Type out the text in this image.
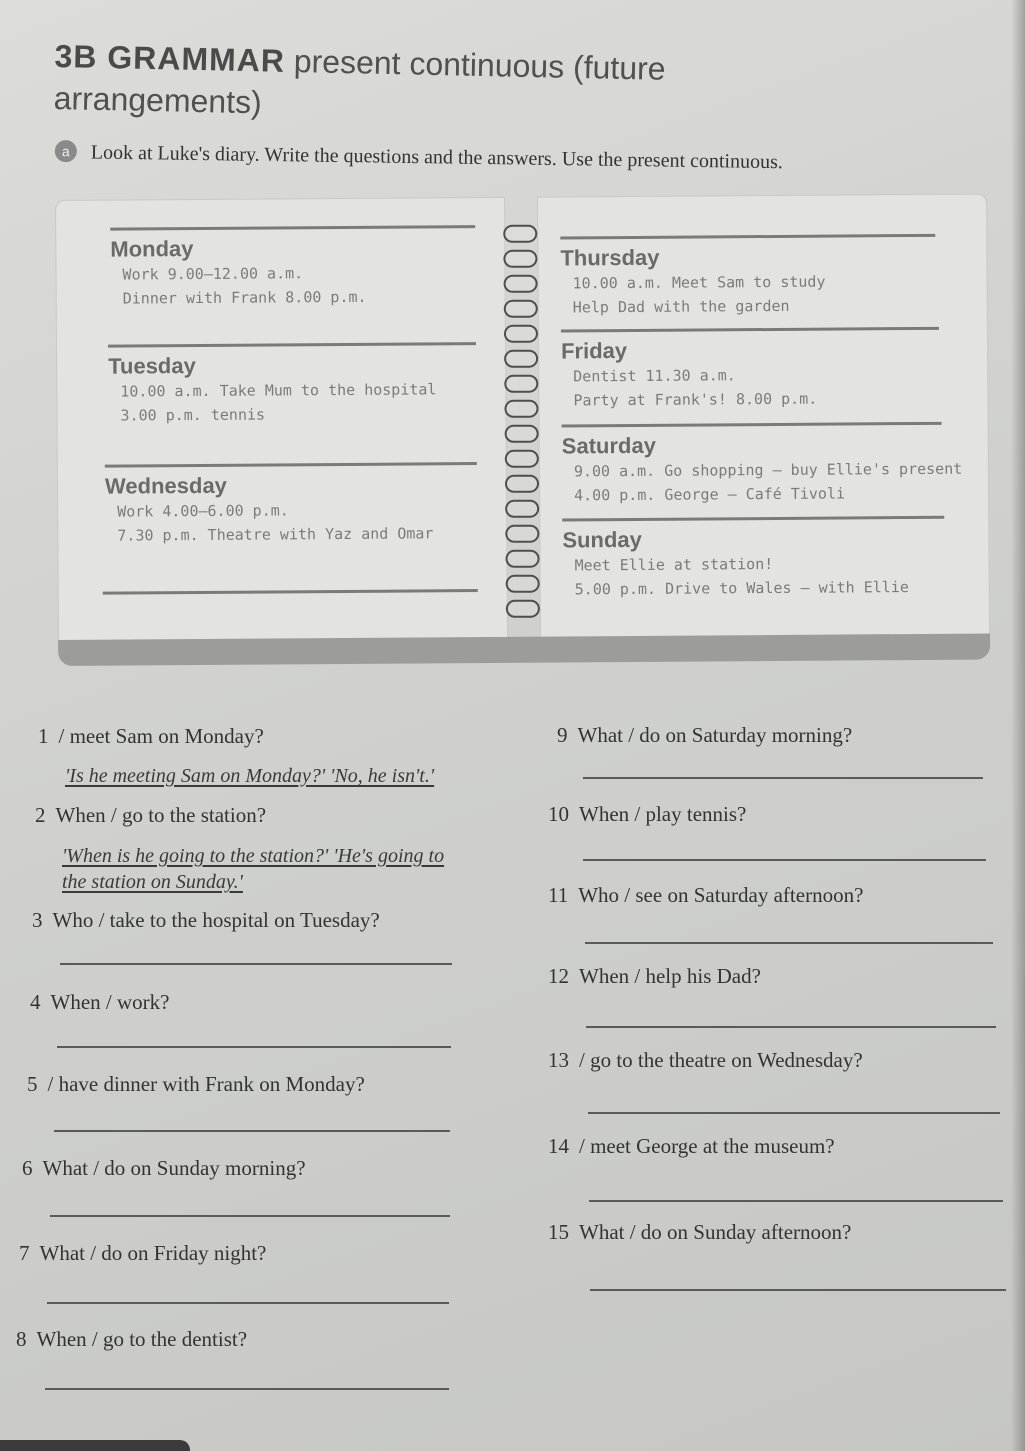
3B GRAMMAR present continuous (future arrangements)
a Look at Luke's diary. Write the questions and the answers. Use the present continuous.
Monday
Work 9.00–12.00 a.m.
Dinner with Frank 8.00 p.m.
Tuesday
10.00 a.m. Take Mum to the hospital
3.00 p.m. tennis
Wednesday
Work 4.00–6.00 p.m.
7.30 p.m. Theatre with Yaz and Omar
Thursday
10.00 a.m. Meet Sam to study
Help Dad with the garden
Friday
Dentist 11.30 a.m.
Party at Frank's! 8.00 p.m.
Saturday
9.00 a.m. Go shopping – buy Ellie's present
4.00 p.m. George – Café Tivoli
Sunday
Meet Ellie at station!
5.00 p.m. Drive to Wales – with Ellie
1 / meet Sam on Monday?
'Is he meeting Sam on Monday?' 'No, he isn't.'
2 When / go to the station?
'When is he going to the station?' 'He's going to
the station on Sunday.'
3 Who / take to the hospital on Tuesday?
4 When / work?
5 / have dinner with Frank on Monday?
6 What / do on Sunday morning?
7 What / do on Friday night?
8 When / go to the dentist?
9 What / do on Saturday morning?
10 When / play tennis?
11 Who / see on Saturday afternoon?
12 When / help his Dad?
13 / go to the theatre on Wednesday?
14 / meet George at the museum?
15 What / do on Sunday afternoon?
